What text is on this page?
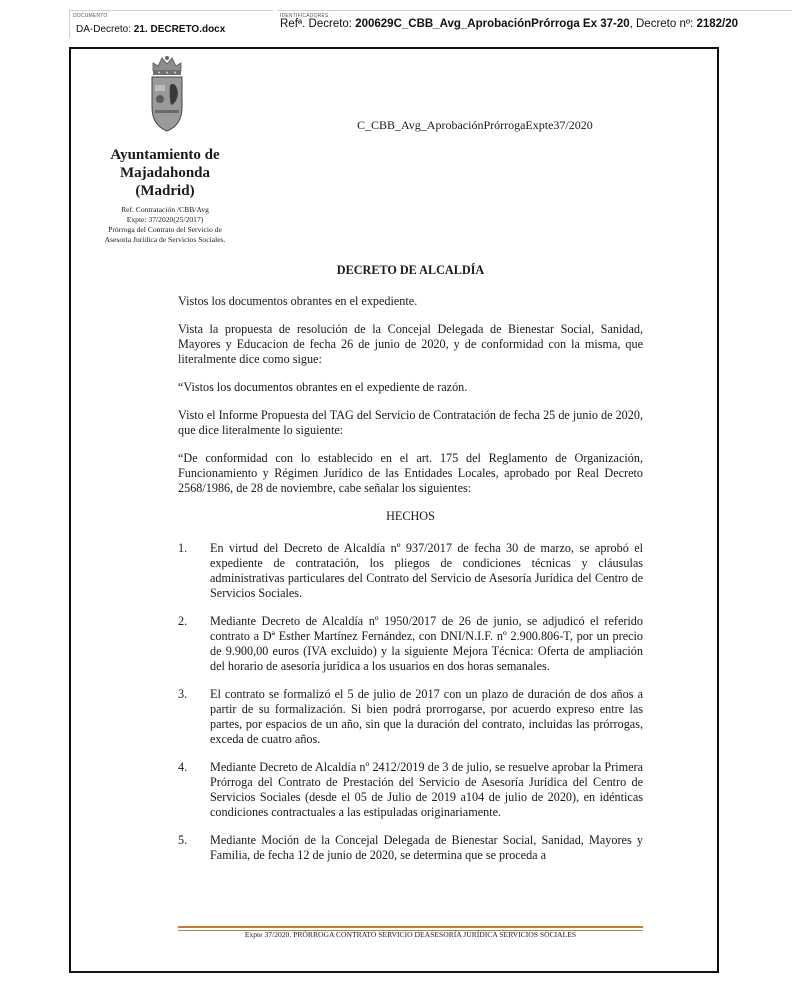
DOCUMENTO
DA-Decreto: 21. DECRETO.docx
IDENTIFICADORES
Refª. Decreto: 200629C_CBB_Avg_AprobaciónPrórroga Ex 37-20, Decreto nº: 2182/20
Ayuntamiento de
Majadahonda
(Madrid)
Ref. Contratación /CBB/Avg
Expte: 37/2020(25/2017)
Prórroga del Contrato del Servicio de
Asesoría Jurídica de Servicios Sociales.
C_CBB_Avg_AprobaciónPrórrogaExpte37/2020
DECRETO DE ALCALDÍA

Vistos los documentos obrantes en el expediente.

Vista la propuesta de resolución de la Concejal Delegada de Bienestar Social, Sanidad, Mayores y Educacion de fecha 26 de junio de 2020, y de conformidad con la misma, que literalmente dice como sigue:

“Vistos los documentos obrantes en el expediente de razón.

Visto el Informe Propuesta del TAG del Servicio de Contratación de fecha 25 de junio de 2020, que dice literalmente lo siguiente:

“De conformidad con lo establecido en el art. 175 del Reglamento de Organización, Funcionamiento y Régimen Jurídico de las Entidades Locales, aprobado por Real Decreto 2568/1986, de 28 de noviembre, cabe señalar los siguientes:

HECHOS
1.	En virtud del Decreto de Alcaldía nº 937/2017 de fecha 30 de marzo, se aprobó el expediente de contratación, los pliegos de condiciones técnicas y cláusulas administrativas particulares del Contrato del Servicio de Asesoría Jurídica del Centro de Servicios Sociales.
2.	Mediante Decreto de Alcaldía nº 1950/2017 de 26 de junio, se adjudicó el referido contrato a Dª Esther Martínez Fernández, con DNI/N.I.F. nº 2.900.806-T, por un precio de 9.900,00 euros (IVA excluido) y la siguiente Mejora Técnica: Oferta de ampliación del horario de asesoría jurídica a los usuarios en dos horas semanales.
3.	El contrato se formalizó el 5 de julio de 2017 con un plazo de duración de dos años a partir de su formalización. Si bien podrá prorrogarse, por acuerdo expreso entre las partes, por espacios de un año, sin que la duración del contrato, incluidas las prórrogas, exceda de cuatro años.
4.	Mediante Decreto de Alcaldía nº 2412/2019 de 3 de julio, se resuelve aprobar la Primera Prórroga del Contrato de Prestación del Servicio de Asesoría Jurídica del Centro de Servicios Sociales (desde el 05 de Julio de 2019 a104 de julio de 2020), en idénticas condiciones contractuales a las estipuladas originariamente.
5.	Mediante Moción de la Concejal Delegada de Bienestar Social, Sanidad, Mayores y Familia, de fecha 12 de junio de 2020, se determina que se proceda a
Expte 37/2020. PRÓRROGA CONTRATO SERVICIO DEASESORÍA JURÍDICA SERVICIOS SOCIALES
